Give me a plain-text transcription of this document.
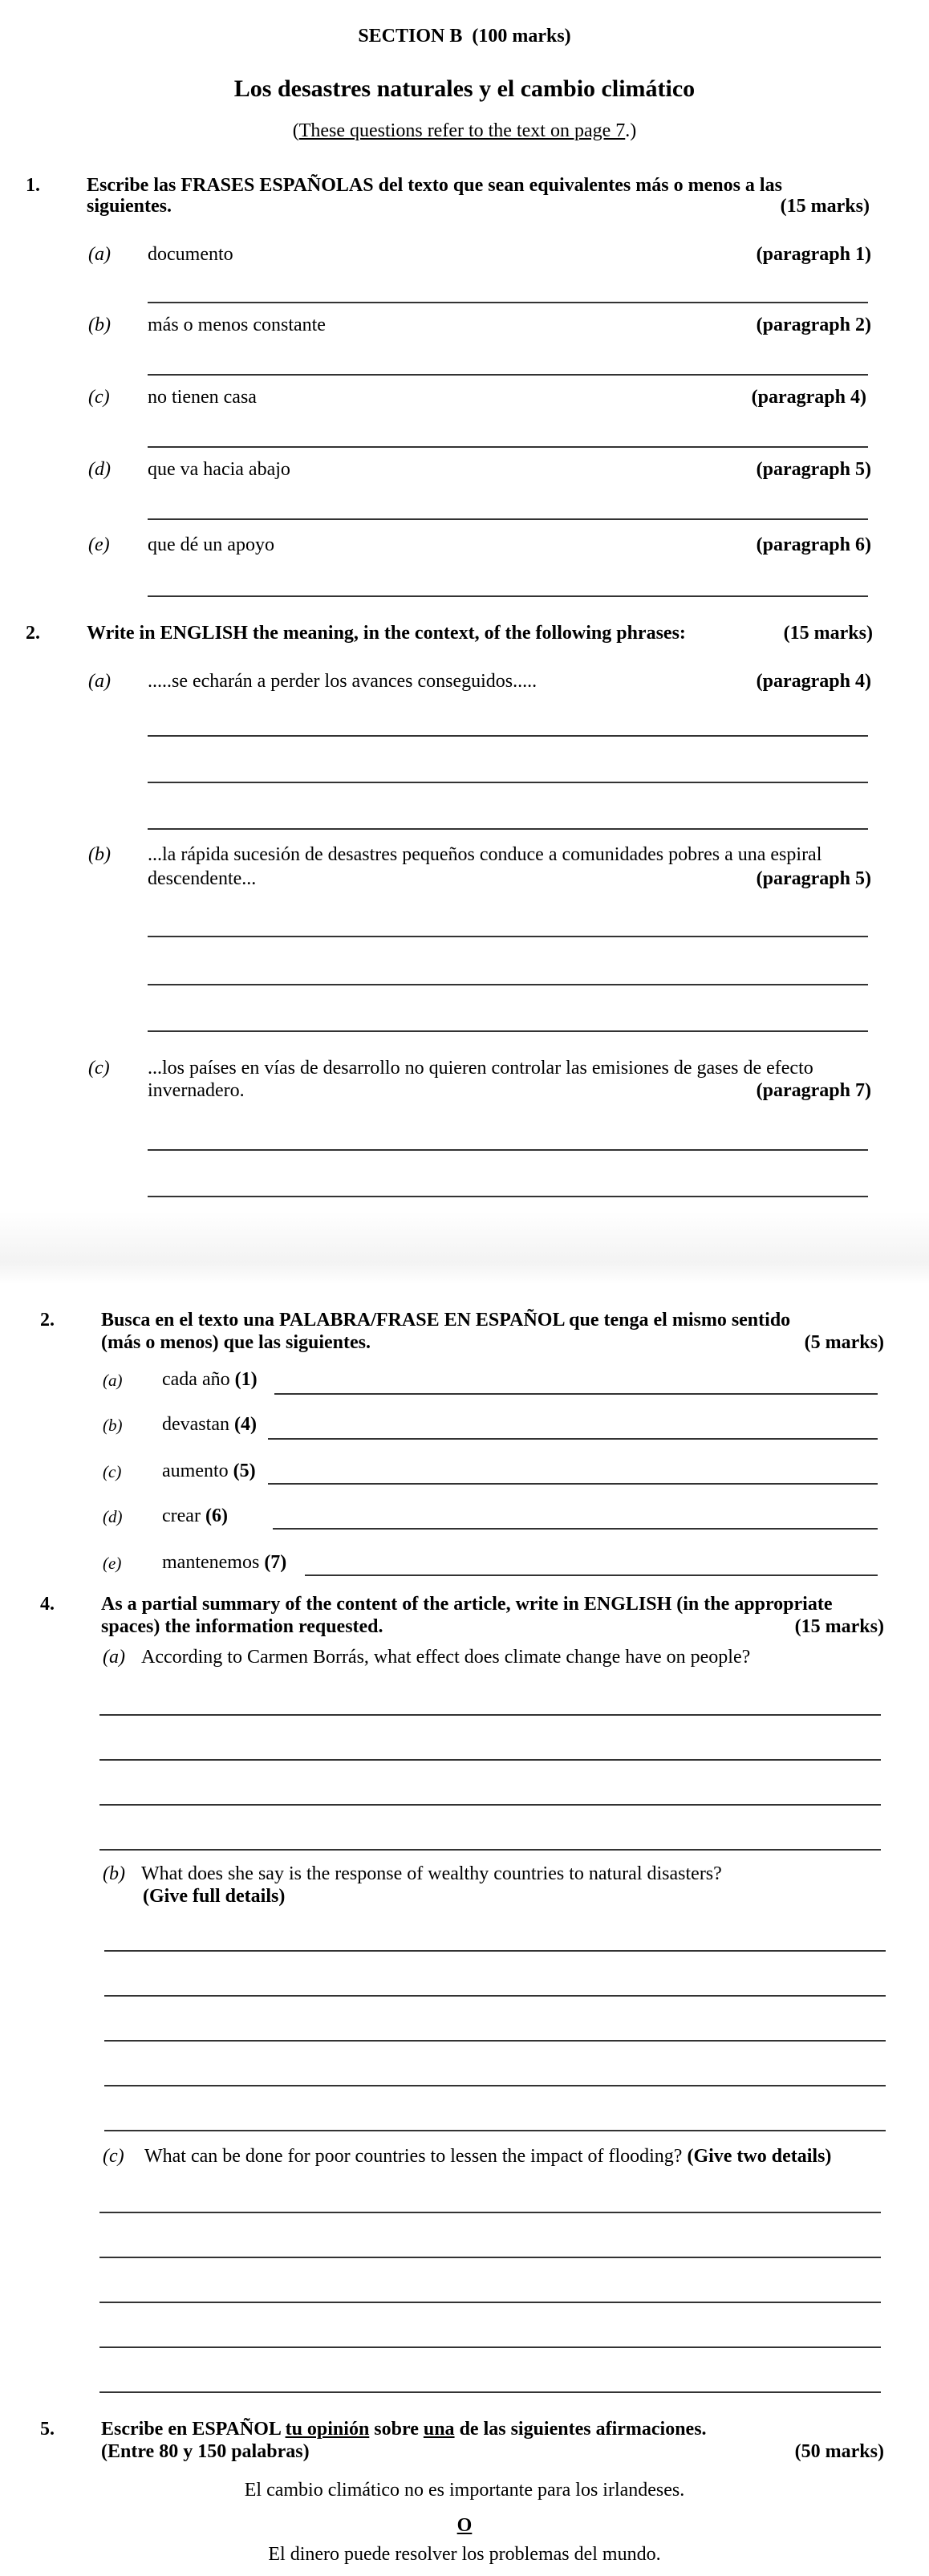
SECTION B (100 marks)
Los desastres naturales y el cambio climático
(These questions refer to the text on page 7.)
1. Escribe las FRASES ESPAÑOLAS del texto que sean equivalentes más o menos a las
siguientes.	(15 marks)
(a) documento	(paragraph 1)
(b) más o menos constante	(paragraph 2)
(c) no tienen casa	(paragraph 4)
(d) que va hacia abajo	(paragraph 5)
(e) que dé un apoyo	(paragraph 6)
2. Write in ENGLISH the meaning, in the context, of the following phrases:	(15 marks)
(a) .....se echarán a perder los avances conseguidos.....	(paragraph 4)
(b) ...la rápida sucesión de desastres pequeños conduce a comunidades pobres a una espiral
descendente...	(paragraph 5)
(c) ...los países en vías de desarrollo no quieren controlar las emisiones de gases de efecto
invernadero.	(paragraph 7)
2. Busca en el texto una PALABRA/FRASE EN ESPAÑOL que tenga el mismo sentido
(más o menos) que las siguientes.	(5 marks)
(a) cada año (1)
(b) devastan (4)
(c) aumento (5)
(d) crear (6)
(e) mantenemos (7)
4. As a partial summary of the content of the article, write in ENGLISH (in the appropriate
spaces) the information requested.	(15 marks)
(a) According to Carmen Borrás, what effect does climate change have on people?
(b) What does she say is the response of wealthy countries to natural disasters?
(Give full details)
(c) What can be done for poor countries to lessen the impact of flooding? (Give two details)
5. Escribe en ESPAÑOL tu opinión sobre una de las siguientes afirmaciones.
(Entre 80 y 150 palabras)	(50 marks)
El cambio climático no es importante para los irlandeses.
O
El dinero puede resolver los problemas del mundo.
